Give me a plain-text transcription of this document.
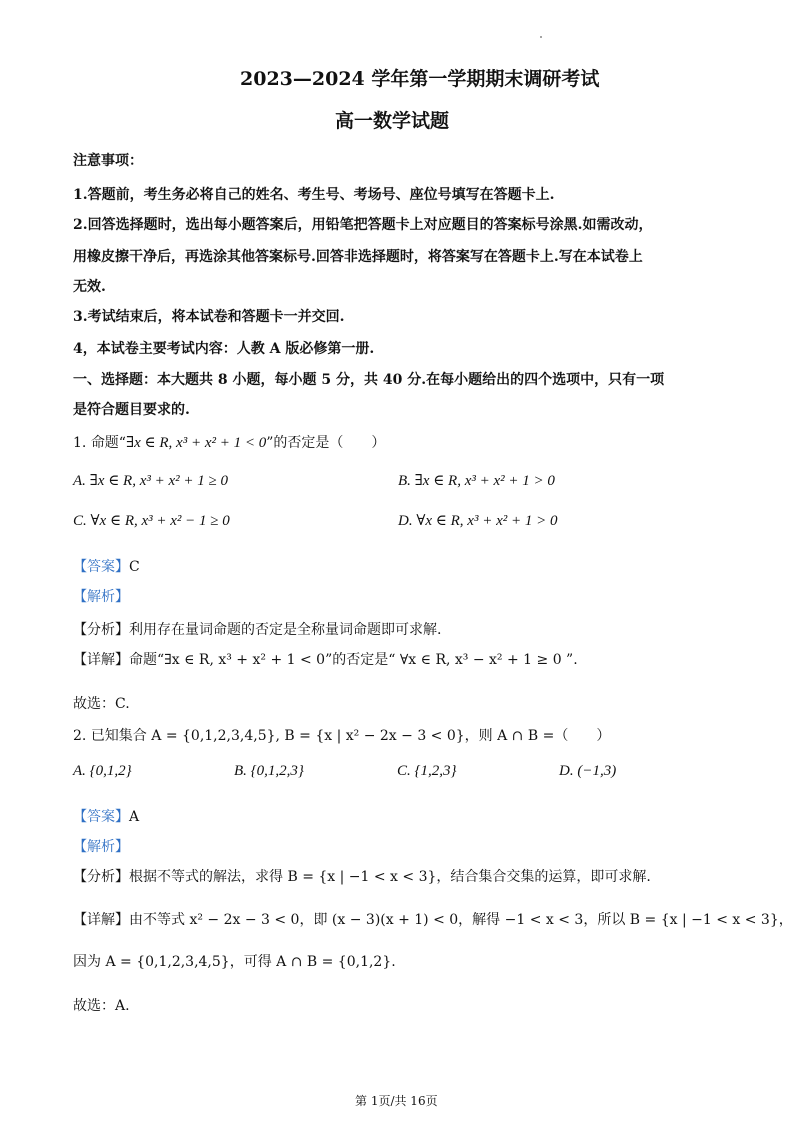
2023—2024 学年第一学期期末调研考试
高一数学试题
注意事项：
1.答题前，考生务必将自己的姓名、考生号、考场号、座位号填写在答题卡上.
2.回答选择题时，选出每小题答案后，用铅笔把答题卡上对应题目的答案标号涂黑.如需改动，
用橡皮擦干净后，再选涂其他答案标号.回答非选择题时，将答案写在答题卡上.写在本试卷上
无效.
3.考试结束后，将本试卷和答题卡一并交回.
4，本试卷主要考试内容：人教 A 版必修第一册.
一、选择题：本大题共 8 小题，每小题 5 分，共 40 分.在每小题给出的四个选项中，只有一项
是符合题目要求的.
1. 命题“∃x ∈ R, x³ + x² + 1 < 0”的否定是（　　）
A. ∃x ∈ R, x³ + x² + 1 ≥ 0	B. ∃x ∈ R, x³ + x² + 1 > 0
C. ∀x ∈ R, x³ + x² − 1 ≥ 0	D. ∀x ∈ R, x³ + x² + 1 > 0
【答案】C
【解析】
【分析】利用存在量词命题的否定是全称量词命题即可求解.
【详解】命题“∃x ∈ R, x³ + x² + 1 < 0”的否定是“ ∀x ∈ R, x³ − x² + 1 ≥ 0 ”.
故选：C.
2. 已知集合 A = {0,1,2,3,4,5}, B = {x | x² − 2x − 3 < 0}，则 A ∩ B =（　　）
A. {0,1,2}	B. {0,1,2,3}	C. {1,2,3}	D. (−1,3)
【答案】A
【解析】
【分析】根据不等式的解法，求得 B = {x | −1 < x < 3}，结合集合交集的运算，即可求解.
【详解】由不等式 x² − 2x − 3 < 0，即 (x − 3)(x + 1) < 0，解得 −1 < x < 3，所以 B = {x | −1 < x < 3}，
因为 A = {0,1,2,3,4,5}，可得 A ∩ B = {0,1,2}.
故选：A.
第 1页/共 16页
